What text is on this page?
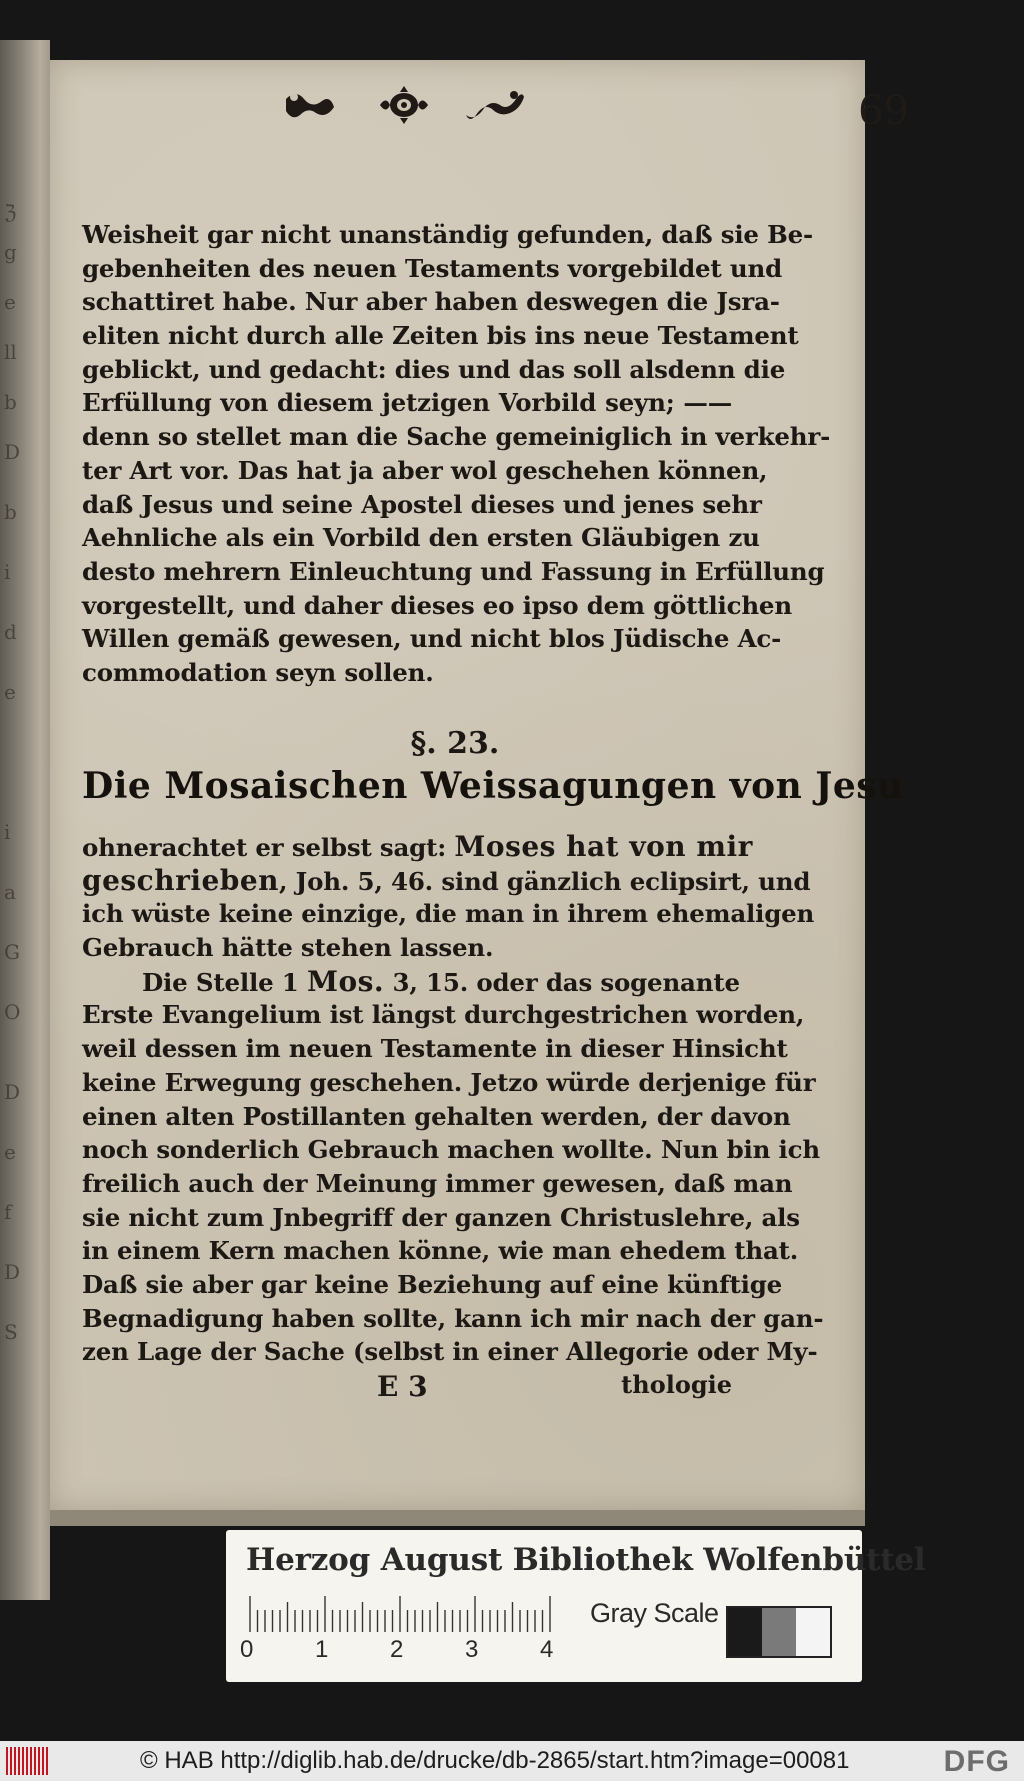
ℨ
g
e
ll
b
D
b
i
d
e
i
a
G
O
D
e
f
D
S
69
Weisheit gar nicht unanständig gefunden, daß sie Be-
gebenheiten des neuen Testaments vorgebildet und
schattiret habe. Nur aber haben deswegen die Jsra-
eliten nicht durch alle Zeiten bis ins neue Testament
geblickt, und gedacht: dies und das soll alsdenn die
Erfüllung von diesem jetzigen Vorbild seyn; ——
denn so stellet man die Sache gemeiniglich in verkehr-
ter Art vor. Das hat ja aber wol geschehen können,
daß Jesus und seine Apostel dieses und jenes sehr
Aehnliche als ein Vorbild den ersten Gläubigen zu
desto mehrern Einleuchtung und Fassung in Erfüllung
vorgestellt, und daher dieses eo ipso dem göttlichen
Willen gemäß gewesen, und nicht blos Jüdische Ac-
commodation seyn sollen.
§. 23.
Die Mosaischen Weissagungen von Jesu
ohnerachtet er selbst sagt: Moses hat von mir
geschrieben, Joh. 5, 46. sind gänzlich eclipsirt, und
ich wüste keine einzige, die man in ihrem ehemaligen
Gebrauch hätte stehen lassen.
Die Stelle 1 Mos. 3, 15. oder das sogenante
Erste Evangelium ist längst durchgestrichen worden,
weil dessen im neuen Testamente in dieser Hinsicht
keine Erwegung geschehen. Jetzo würde derjenige für
einen alten Postillanten gehalten werden, der davon
noch sonderlich Gebrauch machen wollte. Nun bin ich
freilich auch der Meinung immer gewesen, daß man
sie nicht zum Jnbegriff der ganzen Christuslehre, als
in einem Kern machen könne, wie man ehedem that.
Daß sie aber gar keine Beziehung auf eine künftige
Begnadigung haben sollte, kann ich mir nach der gan-
zen Lage der Sache (selbst in einer Allegorie oder My-
E 3	thologie
Herzog August Bibliothek Wolfenbüttel
0	1	2	3	4
Gray Scale
© HAB http://diglib.hab.de/drucke/db-2865/start.htm?image=00081	DFG
